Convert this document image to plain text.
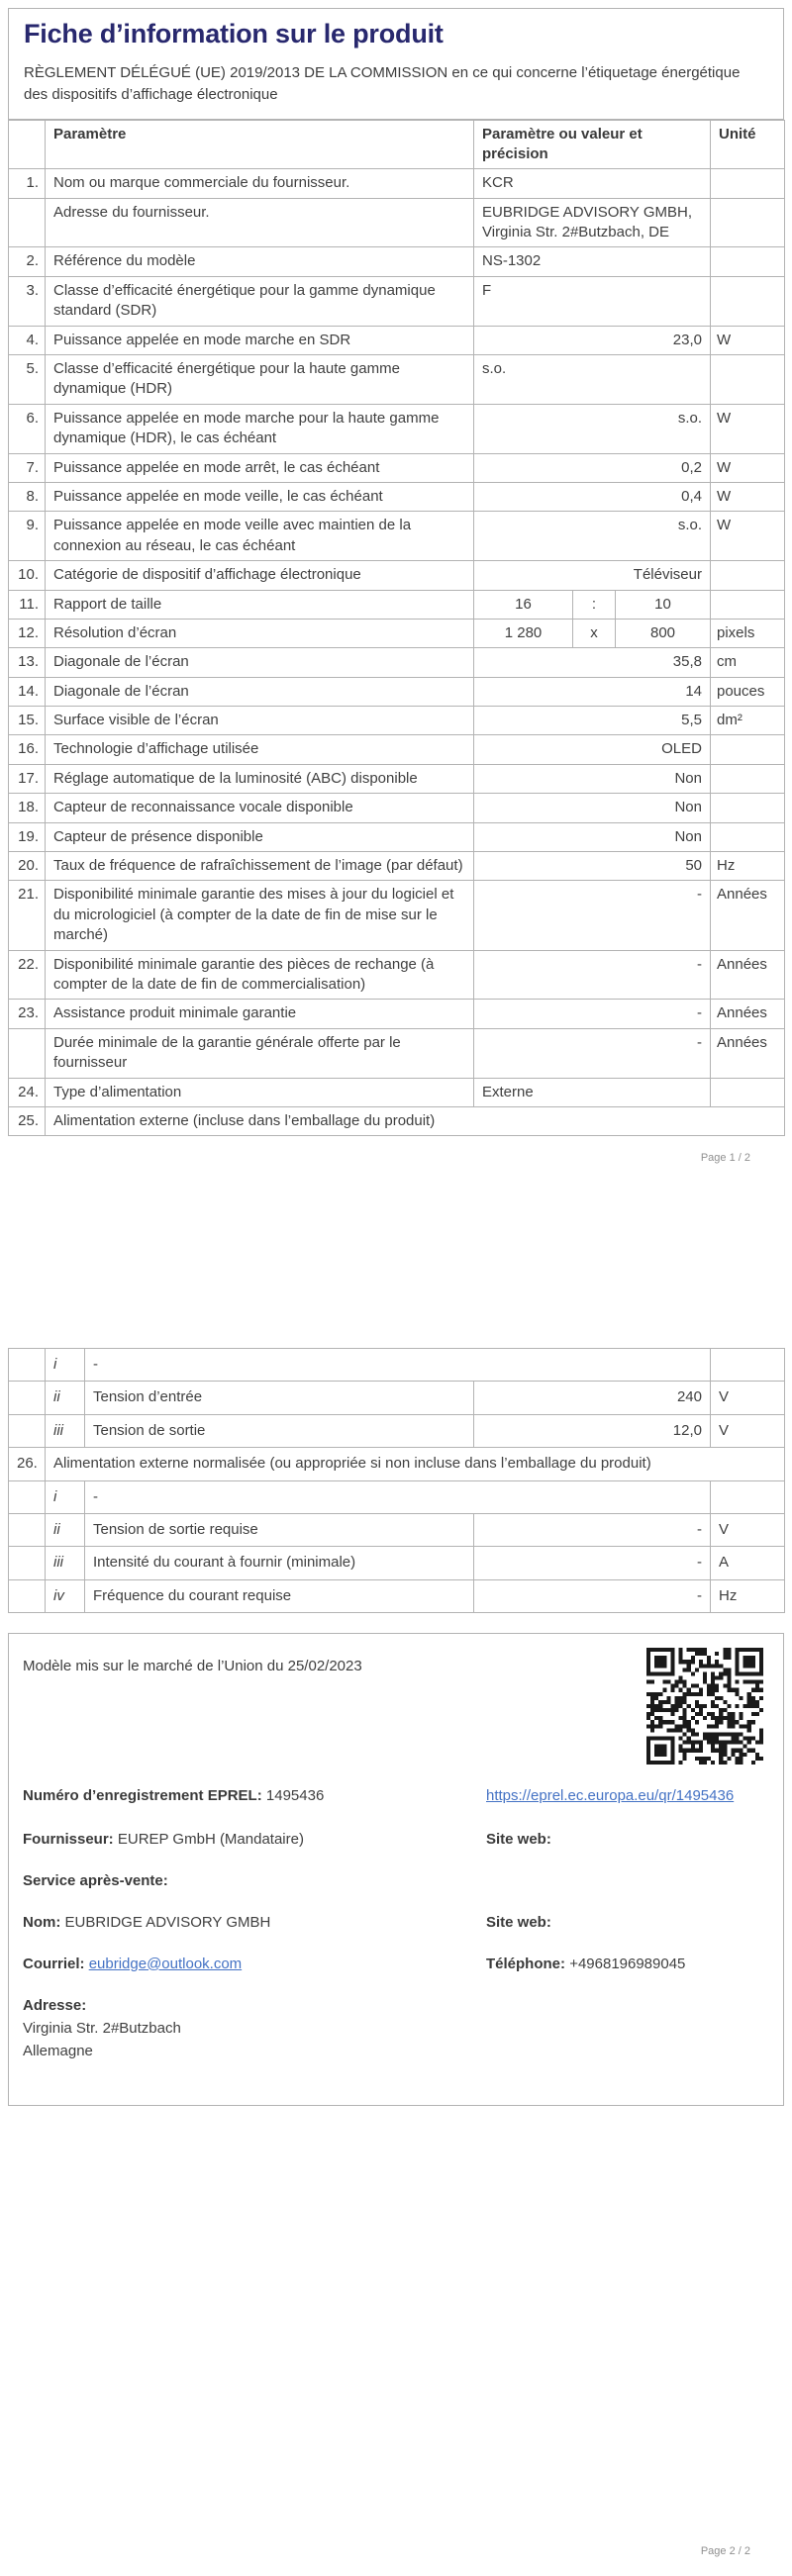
Fiche d’information sur le produit
RÈGLEMENT DÉLÉGUÉ (UE) 2019/2013 DE LA COMMISSION en ce qui concerne l’étiquetage énergétique des dispositifs d’affichage électronique
	Paramètre	Paramètre ou valeur et précision	Unité
1.	Nom ou marque commerciale du fournisseur.	KCR	
	Adresse du fournisseur.	EUBRIDGE ADVISORY GMBH, Virginia Str. 2#Butzbach, DE	
2.	Référence du modèle	NS-1302	
3.	Classe d’efficacité énergétique pour la gamme dynamique standard (SDR)	F	
4.	Puissance appelée en mode marche en SDR	23,0	W
5.	Classe d’efficacité énergétique pour la haute gamme dynamique (HDR)	s.o.	
6.	Puissance appelée en mode marche pour la haute gamme dynamique (HDR), le cas échéant	s.o.	W
7.	Puissance appelée en mode arrêt, le cas échéant	0,2	W
8.	Puissance appelée en mode veille, le cas échéant	0,4	W
9.	Puissance appelée en mode veille avec maintien de la connexion au réseau, le cas échéant	s.o.	W
10.	Catégorie de dispositif d’affichage électronique	Téléviseur	
11.	Rapport de taille	16 : 10	

12.	Résolution d’écran	1 280 x 800	pixels
13.	Diagonale de l’écran	35,8	cm
14.	Diagonale de l’écran	14	pouces
15.	Surface visible de l’écran	5,5	dm²
16.	Technologie d’affichage utilisée	OLED	
17.	Réglage automatique de la luminosité (ABC) disponible	Non	
18.	Capteur de reconnaissance vocale disponible	Non	
19.	Capteur de présence disponible	Non	
20.	Taux de fréquence de rafraîchissement de l’image (par défaut)	50	Hz
21.	Disponibilité minimale garantie des mises à jour du logiciel et du micrologiciel (à compter de la date de fin de mise sur le marché)	-	Années
22.	Disponibilité minimale garantie des pièces de rechange (à compter de la date de fin de commercialisation)	-	Années
23.	Assistance produit minimale garantie	-	Années
	Durée minimale de la garantie générale offerte par le fournisseur	-	Années
24.	Type d’alimentation	Externe	
25.	Alimentation externe (incluse dans l’emballage du produit)		
Page 1 / 2
	i	-		
	ii	Tension d’entrée	240	V
	iii	Tension de sortie	12,0	V
26.	Alimentation externe normalisée (ou appropriée si non incluse dans l’emballage du produit)			
	i	-		
	ii	Tension de sortie requise	-	V
	iii	Intensité du courant à fournir (minimale)	-	A
	iv	Fréquence du courant requise	-	Hz
Modèle mis sur le marché de l’Union du 25/02/2023
Numéro d’enregistrement EPREL: 1495436	https://eprel.ec.europa.eu/qr/1495436
Fournisseur: EUREP GmbH (Mandataire)	Site web:
Service après-vente:
Nom: EUBRIDGE ADVISORY GMBH	Site web:
Courriel: eubridge@outlook.com	Téléphone: +4968196989045
Adresse:
Virginia Str. 2#Butzbach
Allemagne
Page 2 / 2
